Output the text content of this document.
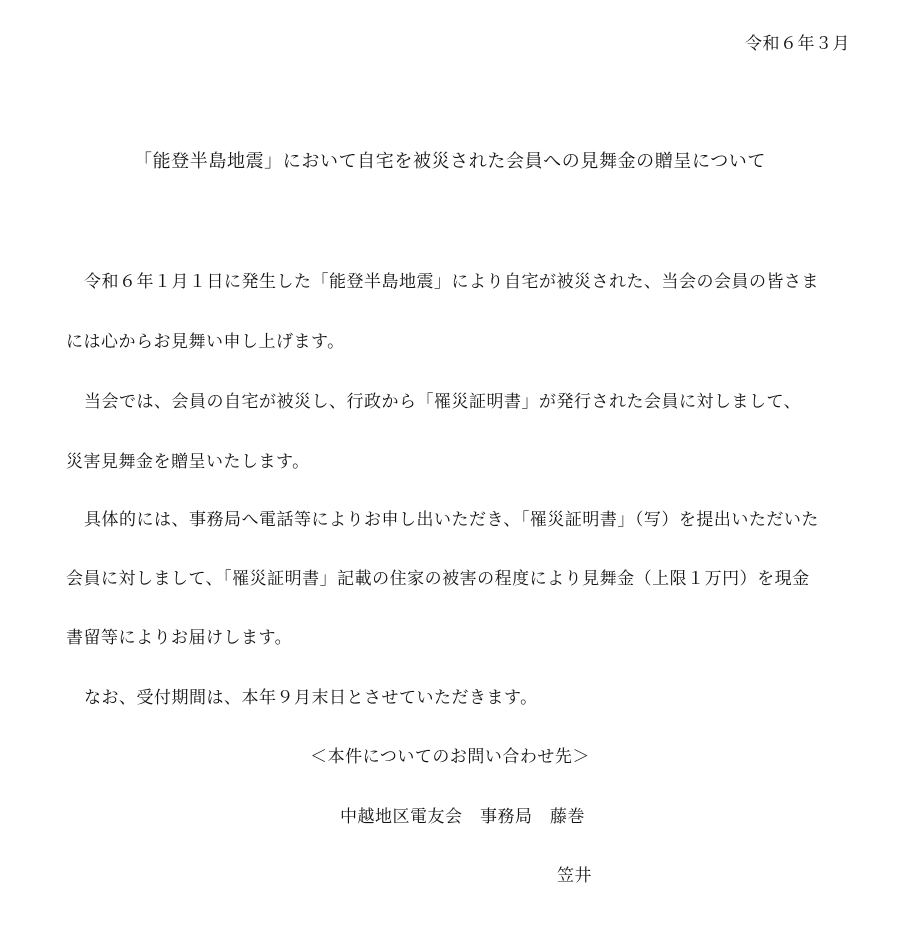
令和６年３月
「能登半島地震」において自宅を被災された会員への見舞金の贈呈について
令和６年１月１日に発生した「能登半島地震」により自宅が被災された、当会の会員の皆さま
には心からお見舞い申し上げます。
当会では、会員の自宅が被災し、行政から「罹災証明書」が発行された会員に対しまして、
災害見舞金を贈呈いたします。
具体的には、事務局へ電話等によりお申し出いただき、「罹災証明書」（写）を提出いただいた
会員に対しまして、「罹災証明書」記載の住家の被害の程度により見舞金（上限１万円）を現金
書留等によりお届けします。
なお、受付期間は、本年９月末日とさせていただきます。
＜本件についてのお問い合わせ先＞
中越地区電友会　事務局　藤巻
笠井
